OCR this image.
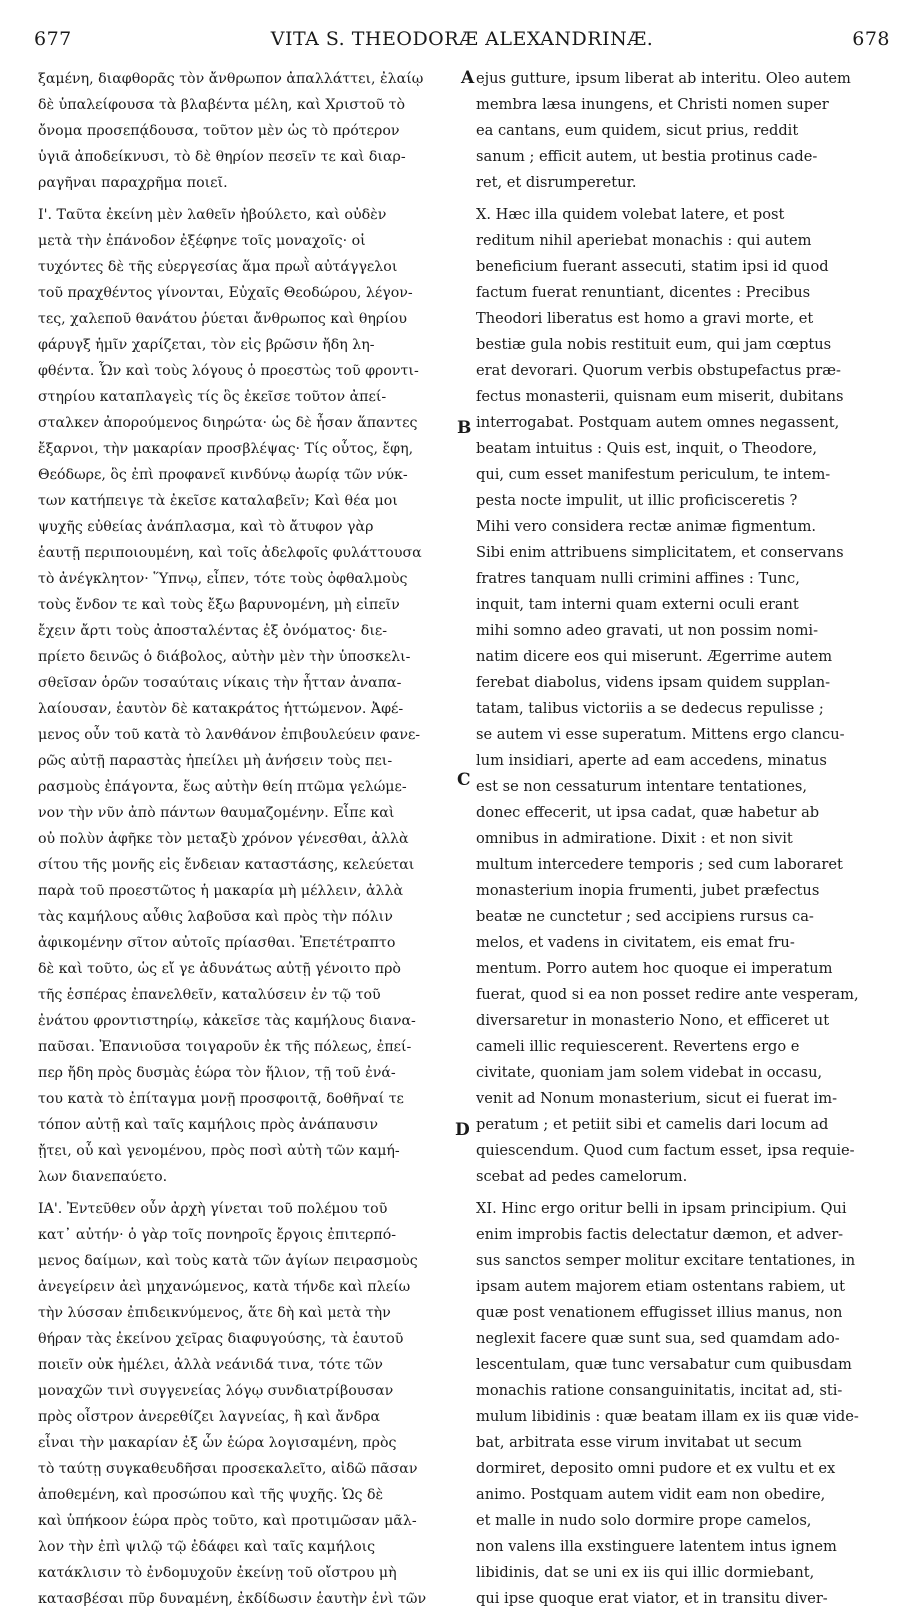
677	VITA S. THEODORÆ ALEXANDRINÆ.	678
ξαμένη, διαφθορᾶς τὸν ἄνθρωπον ἀπαλλάττει, ἐλαίῳ
δὲ ὑπαλείφουσα τὰ βλαβέντα μέλη, καὶ Χριστοῦ τὸ
ὄνομα προσεπᾴδουσα, τοῦτον μὲν ὡς τὸ πρότερον
ὑγιᾶ ἀποδείκνυσι, τὸ δὲ θηρίον πεσεῖν τε καὶ διαρ-
ραγῆναι παραχρῆμα ποιεῖ.
Ι'. Ταῦτα ἐκείνη μὲν λαθεῖν ἠβούλετο, καὶ οὐδὲν
μετὰ τὴν ἐπάνοδον ἐξέφηνε τοῖς μοναχοῖς· οἱ
τυχόντες δὲ τῆς εὐεργεσίας ἅμα πρωῒ αὐτάγγελοι
τοῦ πραχθέντος γίνονται, Εὐχαῖς Θεοδώρου, λέγον-
τες, χαλεποῦ θανάτου ῥύεται ἄνθρωπος καὶ θηρίου
φάρυγξ ἡμῖν χαρίζεται, τὸν εἰς βρῶσιν ἤδη λη-
φθέντα. Ὧν καὶ τοὺς λόγους ὁ προεστὼς τοῦ φροντι-
στηρίου καταπλαγεὶς τίς ὃς ἐκεῖσε τοῦτον ἀπεί-
σταλκεν ἀπορούμενος διηρώτα· ὡς δὲ ἦσαν ἅπαντες
ἔξαρνοι, τὴν μακαρίαν προσβλέψας· Τίς οὗτος, ἔφη,
Θεόδωρε, ὃς ἐπὶ προφανεῖ κινδύνῳ ἀωρίᾳ τῶν νύκ-
των κατήπειγε τὰ ἐκεῖσε καταλαβεῖν; Καὶ θέα μοι
ψυχῆς εὐθείας ἀνάπλασμα, καὶ τὸ ἄτυφον γὰρ
ἑαυτῇ περιποιουμένη, καὶ τοῖς ἀδελφοῖς φυλάττουσα
τὸ ἀνέγκλητον· Ὕπνῳ, εἶπεν, τότε τοὺς ὀφθαλμοὺς
τοὺς ἔνδον τε καὶ τοὺς ἔξω βαρυνομένη, μὴ εἰπεῖν
ἔχειν ἄρτι τοὺς ἀποσταλέντας ἐξ ὀνόματος· διε-
πρίετο δεινῶς ὁ διάβολος, αὐτὴν μὲν τὴν ὑποσκελι-
σθεῖσαν ὁρῶν τοσαύταις νίκαις τὴν ἧτταν ἀναπα-
λαίουσαν, ἑαυτὸν δὲ κατακράτος ἡττώμενον. Ἀφέ-
μενος οὖν τοῦ κατὰ τὸ λανθάνον ἐπιβουλεύειν φανε-
ρῶς αὐτῇ παραστὰς ἠπείλει μὴ ἀνήσειν τοὺς πει-
ρασμοὺς ἐπάγοντα, ἕως αὐτὴν θείη πτῶμα γελώμε-
νον τὴν νῦν ἀπὸ πάντων θαυμαζομένην. Εἶπε καὶ
οὐ πολὺν ἀφῆκε τὸν μεταξὺ χρόνον γένεσθαι, ἀλλὰ
σίτου τῆς μονῆς εἰς ἔνδειαν καταστάσης, κελεύεται
παρὰ τοῦ προεστῶτος ἡ μακαρία μὴ μέλλειν, ἀλλὰ
τὰς καμήλους αὖθις λαβοῦσα καὶ πρὸς τὴν πόλιν
ἀφικομένην σῖτον αὐτοῖς πρίασθαι. Ἐπετέτραπτο
δὲ καὶ τοῦτο, ὡς εἴ γε ἀδυνάτως αὐτῇ γένοιτο πρὸ
τῆς ἑσπέρας ἐπανελθεῖν, καταλύσειν ἐν τῷ τοῦ
ἐνάτου φροντιστηρίῳ, κἀκεῖσε τὰς καμήλους διανα-
παῦσαι. Ἐπανιοῦσα τοιγαροῦν ἐκ τῆς πόλεως, ἐπεί-
περ ἤδη πρὸς δυσμὰς ἑώρα τὸν ἥλιον, τῇ τοῦ ἐνά-
του κατὰ τὸ ἐπίταγμα μονῇ προσφοιτᾷ, δοθῆναί τε
τόπον αὐτῇ καὶ ταῖς καμήλοις πρὸς ἀνάπαυσιν
ᾔτει, οὗ καὶ γενομένου, πρὸς ποσὶ αὐτὴ τῶν καμή-
λων διανεπαύετο.
ΙΑ'. Ἐντεῦθεν οὖν ἀρχὴ γίνεται τοῦ πολέμου τοῦ
κατ᾽ αὐτήν· ὁ γὰρ τοῖς πονηροῖς ἔργοις ἐπιτερπό-
μενος δαίμων, καὶ τοὺς κατὰ τῶν ἁγίων πειρασμοὺς
ἀνεγείρειν ἀεὶ μηχανώμενος, κατὰ τήνδε καὶ πλείω
τὴν λύσσαν ἐπιδεικνύμενος, ἅτε δὴ καὶ μετὰ τὴν
θήραν τὰς ἐκείνου χεῖρας διαφυγούσης, τὰ ἑαυτοῦ
ποιεῖν οὐκ ἠμέλει, ἀλλὰ νεάνιδά τινα, τότε τῶν
μοναχῶν τινὶ συγγενείας λόγῳ συνδιατρίβουσαν
πρὸς οἶστρον ἀνερεθίζει λαγνείας, ἢ καὶ ἄνδρα
εἶναι τὴν μακαρίαν ἐξ ὧν ἑώρα λογισαμένη, πρὸς
τὸ ταύτῃ συγκαθευδῆσαι προσεκαλεῖτο, αἰδῶ πᾶσαν
ἀποθεμένη, καὶ προσώπου καὶ τῆς ψυχῆς. Ὡς δὲ
καὶ ὑπήκοον ἑώρα πρὸς τοῦτο, καὶ προτιμῶσαν μᾶλ-
λον τὴν ἐπὶ ψιλῷ τῷ ἐδάφει καὶ ταῖς καμήλοις
κατάκλισιν τὸ ἐνδομυχοῦν ἐκείνῃ τοῦ οἴστρου μὴ
κατασβέσαι πῦρ δυναμένη, ἐκδίδωσιν ἑαυτὴν ἑνὶ τῶν
ejus gutture, ipsum liberat ab interitu. Oleo autem
membra læsa inungens, et Christi nomen super
ea cantans, eum quidem, sicut prius, reddit
sanum ; efficit autem, ut bestia protinus cade-
ret, et disrumperetur.
X. Hæc illa quidem volebat latere, et post
reditum nihil aperiebat monachis : qui autem
beneficium fuerant assecuti, statim ipsi id quod
factum fuerat renuntiant, dicentes : Precibus
Theodori liberatus est homo a gravi morte, et
bestiæ gula nobis restituit eum, qui jam cœptus
erat devorari. Quorum verbis obstupefactus præ-
fectus monasterii, quisnam eum miserit, dubitans
interrogabat. Postquam autem omnes negassent,
beatam intuitus : Quis est, inquit, o Theodore,
qui, cum esset manifestum periculum, te intem-
pesta nocte impulit, ut illic proficisceretis ?
Mihi vero considera rectæ animæ figmentum.
Sibi enim attribuens simplicitatem, et conservans
fratres tanquam nulli crimini affines : Tunc,
inquit, tam interni quam externi oculi erant
mihi somno adeo gravati, ut non possim nomi-
natim dicere eos qui miserunt. Ægerrime autem
ferebat diabolus, videns ipsam quidem supplan-
tatam, talibus victoriis a se dedecus repulisse ;
se autem vi esse superatum. Mittens ergo clancu-
lum insidiari, aperte ad eam accedens, minatus
est se non cessaturum intentare tentationes,
donec effecerit, ut ipsa cadat, quæ habetur ab
omnibus in admiratione. Dixit : et non sivit
multum intercedere temporis ; sed cum laboraret
monasterium inopia frumenti, jubet præfectus
beatæ ne cunctetur ; sed accipiens rursus ca-
melos, et vadens in civitatem, eis emat fru-
mentum. Porro autem hoc quoque ei imperatum
fuerat, quod si ea non posset redire ante vesperam,
diversaretur in monasterio Nono, et efficeret ut
cameli illic requiescerent. Revertens ergo e
civitate, quoniam jam solem videbat in occasu,
venit ad Nonum monasterium, sicut ei fuerat im-
peratum ; et petiit sibi et camelis dari locum ad
quiescendum. Quod cum factum esset, ipsa requie-
scebat ad pedes camelorum.
XI. Hinc ergo oritur belli in ipsam principium. Qui
enim improbis factis delectatur dæmon, et adver-
sus sanctos semper molitur excitare tentationes, in
ipsam autem majorem etiam ostentans rabiem, ut
quæ post venationem effugisset illius manus, non
neglexit facere quæ sunt sua, sed quamdam ado-
lescentulam, quæ tunc versabatur cum quibusdam
monachis ratione consanguinitatis, incitat ad, sti-
mulum libidinis : quæ beatam illam ex iis quæ vide-
bat, arbitrata esse virum invitabat ut secum
dormiret, deposito omni pudore et ex vultu et ex
animo. Postquam autem vidit eam non obedire,
et malle in nudo solo dormire prope camelos,
non valens illa exstinguere latentem intus ignem
libidinis, dat se uni ex iis qui illic dormiebant,
qui ipse quoque erat viator, et in transitu diver-
A
B
C
D
